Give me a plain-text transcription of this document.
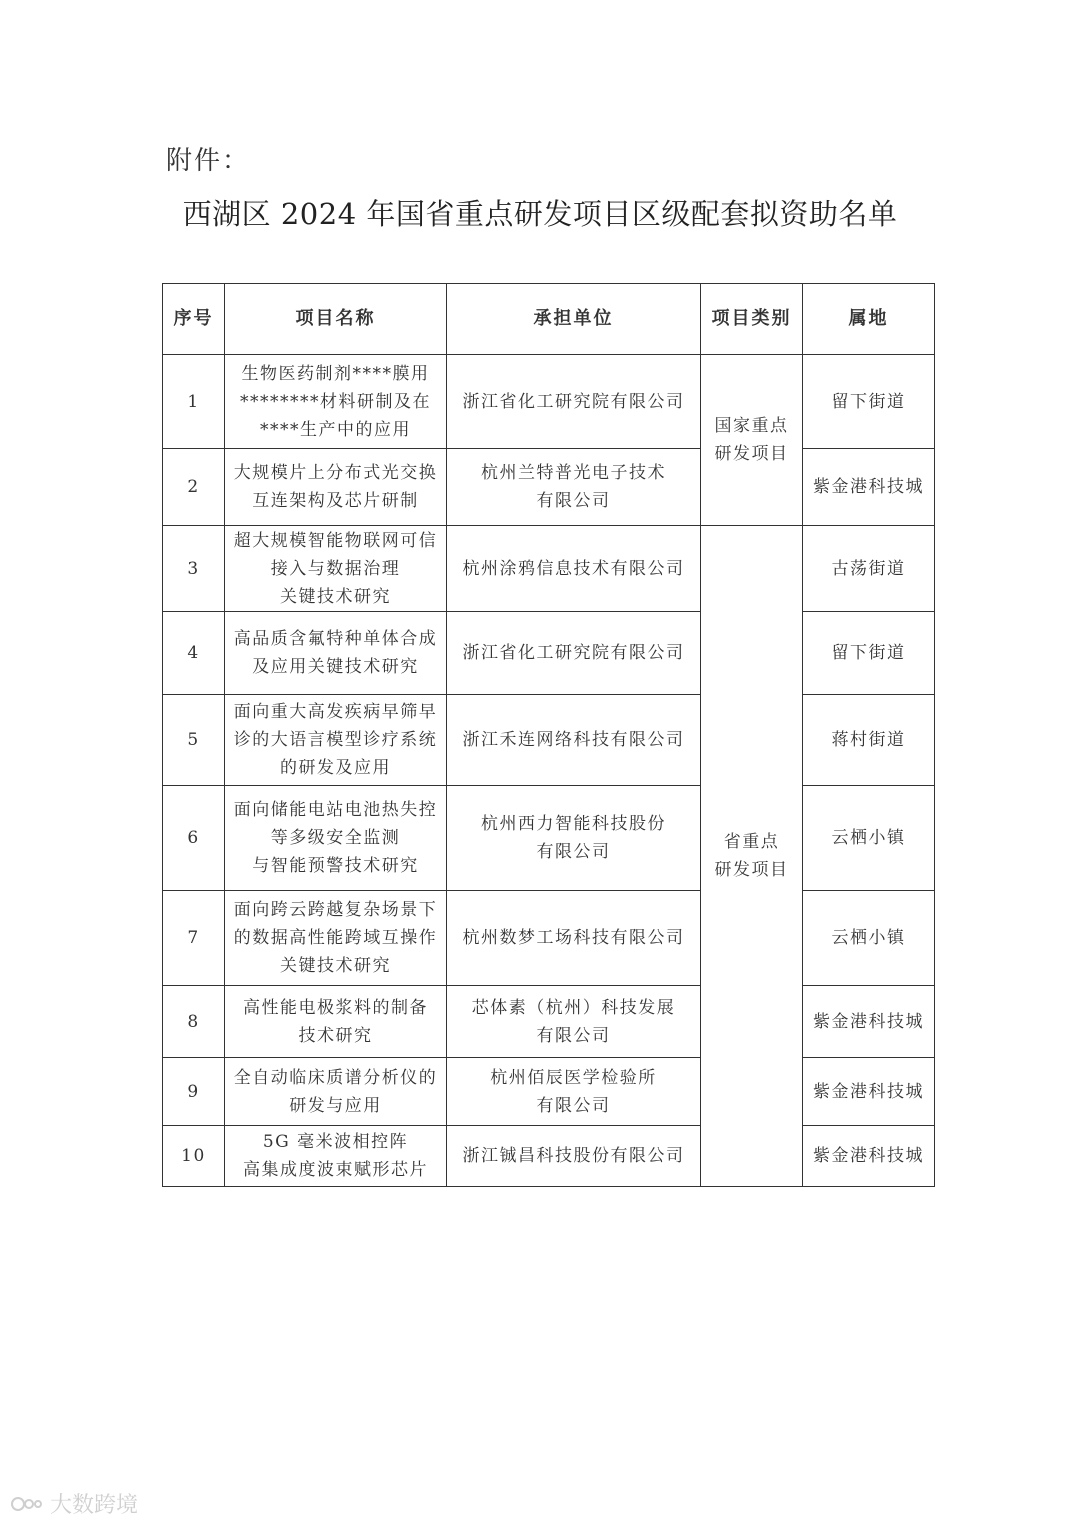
附件：
西湖区 2024 年国省重点研发项目区级配套拟资助名单
序号	项目名称	承担单位	项目类别	属地
1	生物医药制剂****膜用
********材料研制及在
****生产中的应用	浙江省化工研究院有限公司	国家重点
研发项目	留下街道
2	大规模片上分布式光交换
互连架构及芯片研制	杭州兰特普光电子技术
有限公司		紫金港科技城
3	超大规模智能物联网可信
接入与数据治理
关键技术研究	杭州涂鸦信息技术有限公司	省重点
研发项目	古荡街道
4	高品质含氟特种单体合成
及应用关键技术研究	浙江省化工研究院有限公司		留下街道
5	面向重大高发疾病早筛早
诊的大语言模型诊疗系统
的研发及应用	浙江禾连网络科技有限公司		蒋村街道
6	面向储能电站电池热失控
等多级安全监测
与智能预警技术研究	杭州西力智能科技股份
有限公司		云栖小镇
7	面向跨云跨越复杂场景下
的数据高性能跨域互操作
关键技术研究	杭州数梦工场科技有限公司		云栖小镇
8	高性能电极浆料的制备
技术研究	芯体素（杭州）科技发展
有限公司		紫金港科技城
9	全自动临床质谱分析仪的
研发与应用	杭州佰辰医学检验所
有限公司		紫金港科技城
10	5G 毫米波相控阵
高集成度波束赋形芯片	浙江铖昌科技股份有限公司		紫金港科技城
大数跨境
